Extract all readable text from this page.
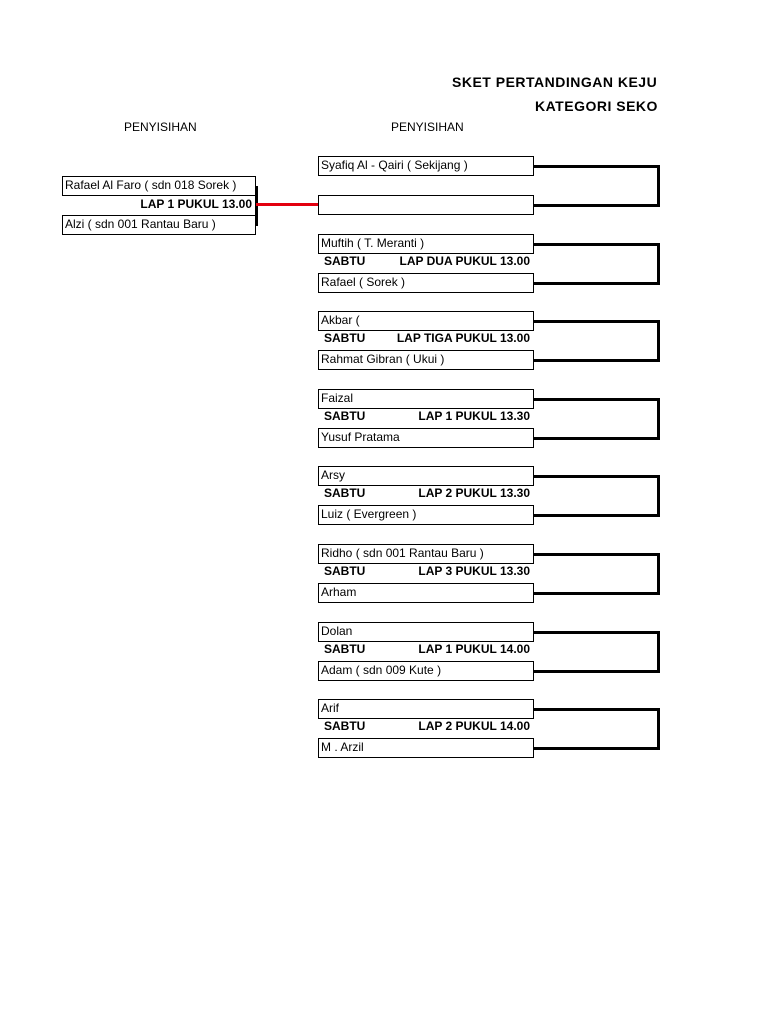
SKET PERTANDINGAN KEJU
KATEGORI SEKO
PENYISIHAN	PENYISIHAN
Rafael Al Faro ( sdn 018 Sorek )
LAP 1 PUKUL 13.00
Alzi ( sdn 001 Rantau Baru )
Syafiq Al - Qairi ( Sekijang )
Muftih ( T. Meranti )
SABTU	LAP DUA PUKUL 13.00
Rafael ( Sorek )
Akbar (
SABTU	LAP TIGA PUKUL 13.00
Rahmat Gibran ( Ukui )
Faizal
SABTU	LAP 1 PUKUL 13.30
Yusuf Pratama
Arsy
SABTU	LAP 2 PUKUL 13.30
Luiz ( Evergreen )
Ridho ( sdn 001 Rantau Baru )
SABTU	LAP 3 PUKUL 13.30
Arham
Dolan
SABTU	LAP 1 PUKUL 14.00
Adam ( sdn 009 Kute )
Arif
SABTU	LAP 2 PUKUL 14.00
M . Arzil
